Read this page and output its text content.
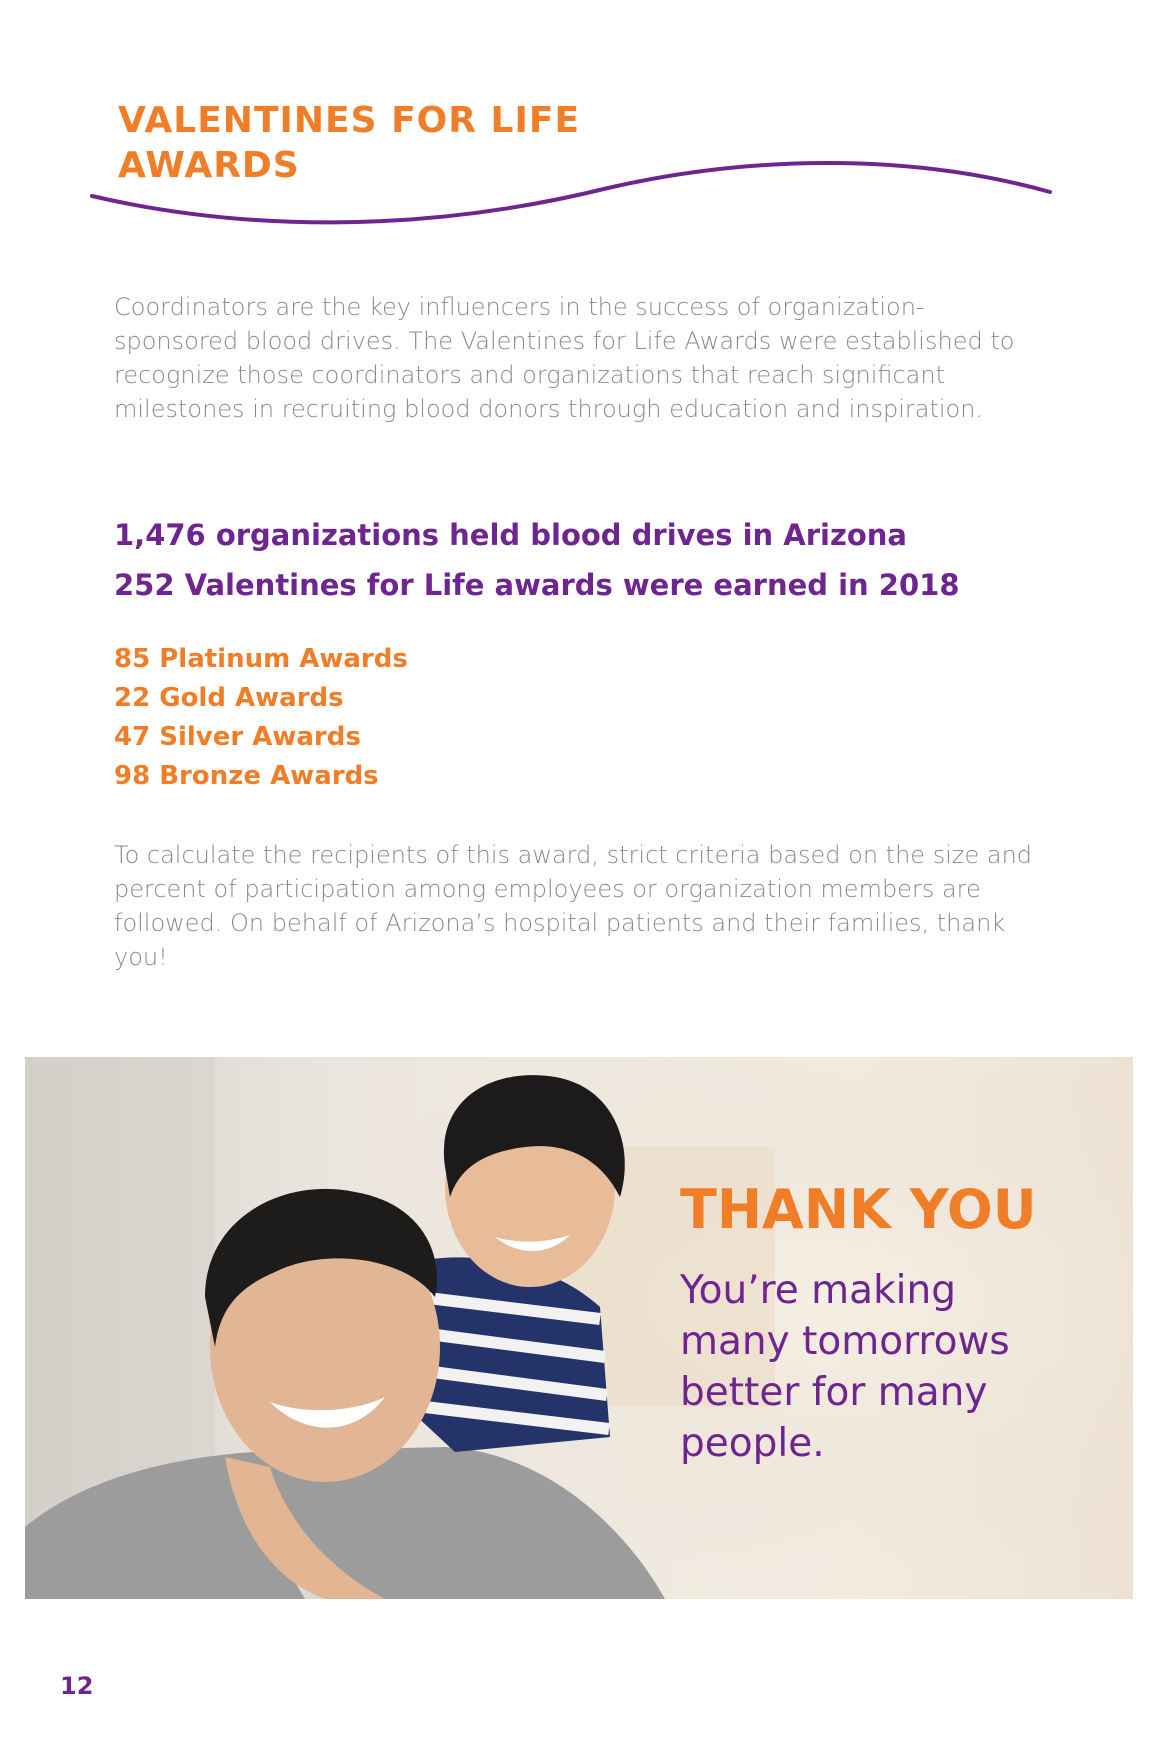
VALENTINES FOR LIFE
AWARDS

Coordinators are the key influencers in the success of organization-sponsored blood drives. The Valentines for Life Awards were established to recognize those coordinators and organizations that reach significant milestones in recruiting blood donors through education and inspiration.

1,476 organizations held blood drives in Arizona
252 Valentines for Life awards were earned in 2018
85 Platinum Awards
22 Gold Awards
47 Silver Awards
98 Bronze Awards

To calculate the recipients of this award, strict criteria based on the size and percent of participation among employees or organization members are followed. On behalf of Arizona’s hospital patients and their families, thank you!

THANK YOU

You’re making many tomorrows better for many people.

12
